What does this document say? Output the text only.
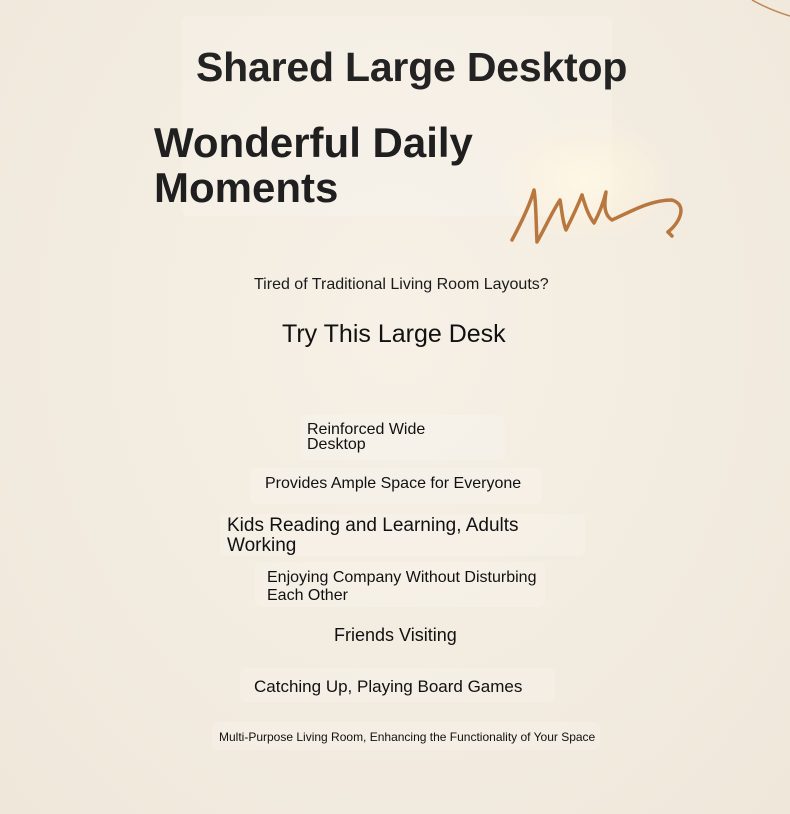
Shared Large Desktop
Wonderful Daily Moments
Tired of Traditional Living Room Layouts?
Try This Large Desk
Reinforced Wide Desktop
Provides Ample Space for Everyone
Kids Reading and Learning, Adults Working
Enjoying Company Without Disturbing Each Other
Friends Visiting
Catching Up, Playing Board Games
Multi-Purpose Living Room, Enhancing the Functionality of Your Space
